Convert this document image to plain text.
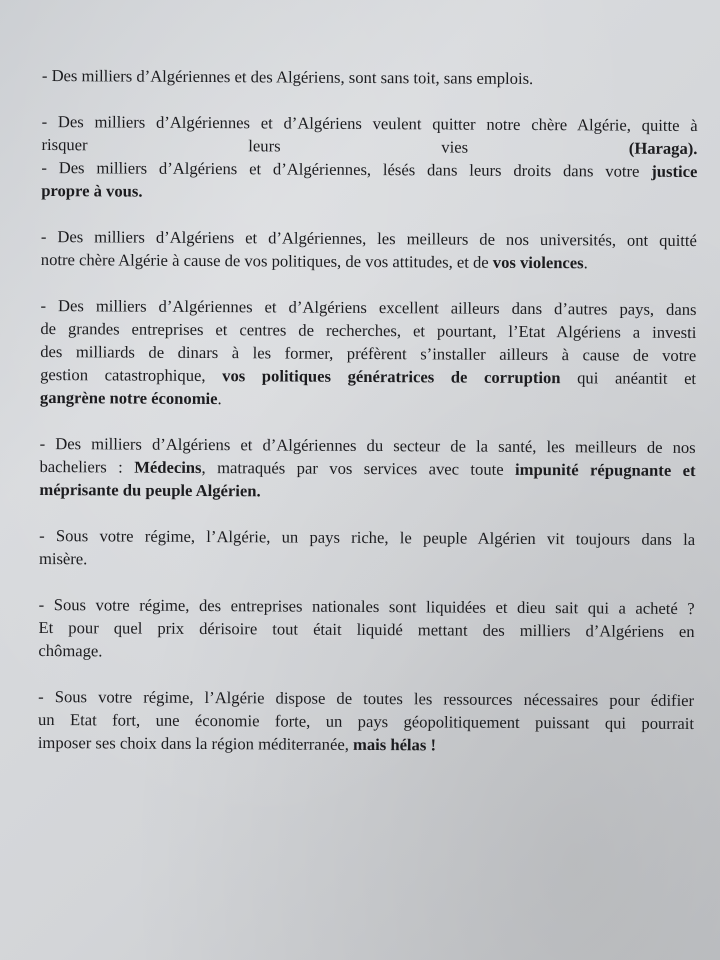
- Des milliers d’Algériennes et des Algériens, sont sans toit, sans emplois.
- Des milliers d’Algériennes et d’Algériens veulent quitter notre chère Algérie, quitte à
risquer leurs vies (Haraga).
- Des milliers d’Algériens et d’Algériennes, lésés dans leurs droits dans votre justice
propre à vous.
- Des milliers d’Algériens et d’Algériennes, les meilleurs de nos universités, ont quitté
notre chère Algérie à cause de vos politiques, de vos attitudes, et de vos violences.
- Des milliers d’Algériennes et d’Algériens excellent ailleurs dans d’autres pays, dans
de grandes entreprises et centres de recherches, et pourtant, l’Etat Algériens a investi
des milliards de dinars à les former, préfèrent s’installer ailleurs à cause de votre
gestion catastrophique, vos politiques génératrices de corruption qui anéantit et
gangrène notre économie.
- Des milliers d’Algériens et d’Algériennes du secteur de la santé, les meilleurs de nos
bacheliers : Médecins, matraqués par vos services avec toute impunité répugnante et
méprisante du peuple Algérien.
- Sous votre régime, l’Algérie, un pays riche, le peuple Algérien vit toujours dans la
misère.
- Sous votre régime, des entreprises nationales sont liquidées et dieu sait qui a acheté ?
Et pour quel prix dérisoire tout était liquidé mettant des milliers d’Algériens en
chômage.
- Sous votre régime, l’Algérie dispose de toutes les ressources nécessaires pour édifier
un Etat fort, une économie forte, un pays géopolitiquement puissant qui pourrait
imposer ses choix dans la région méditerranée, mais hélas !
